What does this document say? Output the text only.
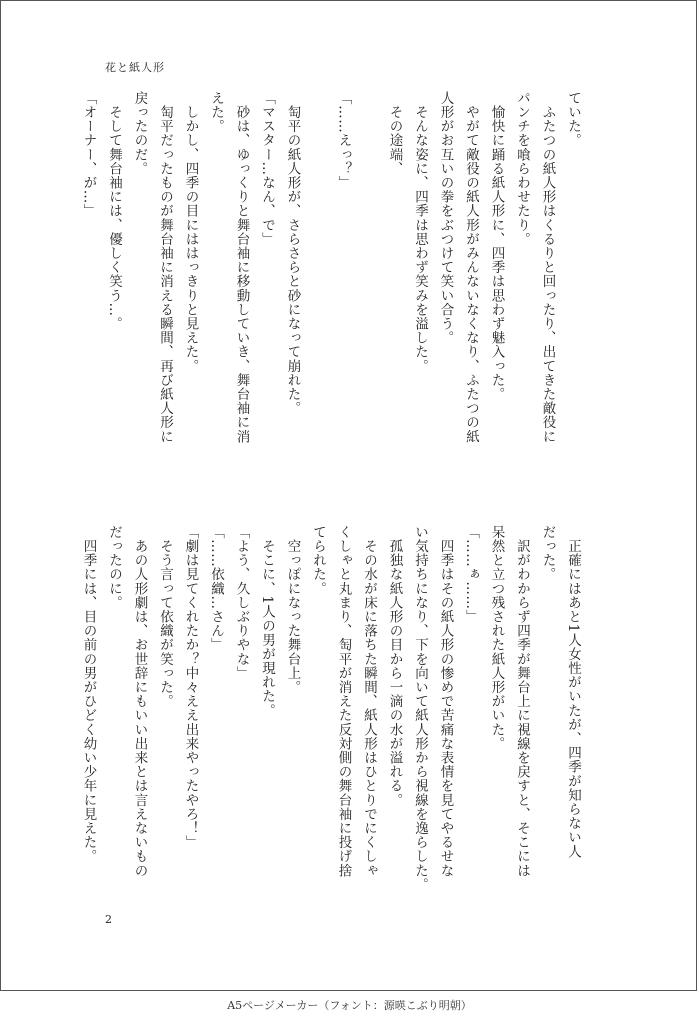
花と紙人形
ていた。
　ふたつの紙人形はくるりと回ったり、出てきた敵役に
パンチを喰らわせたり。
　愉快に踊る紙人形に、四季は思わず魅入った。
　やがて敵役の紙人形がみんないなくなり、ふたつの紙
人形がお互いの拳をぶつけて笑い合う。
　そんな姿に、四季は思わず笑みを溢した。
　その途端、
「……えっ？」
　匋平の紙人形が、さらさらと砂になって崩れた。
「マスター…なん、で」
　砂は、ゆっくりと舞台袖に移動していき、舞台袖に消
えた。
　しかし、四季の目にははっきりと見えた。
　匋平だったものが舞台袖に消える瞬間、再び紙人形に
戻ったのだ。
　そして舞台袖には、優しく笑う…。
「オーナー、が…」
　正確にはあと1人女性がいたが、四季が知らない人
だった。
　訳がわからず四季が舞台上に視線を戻すと、そこには
呆然と立つ残された紙人形がいた。
「……ぁ……」
　四季はその紙人形の惨めで苦痛な表情を見てやるせな
い気持ちになり、下を向いて紙人形から視線を逸らした。
　孤独な紙人形の目から一滴の水が溢れる。
　その水が床に落ちた瞬間、紙人形はひとりでにくしゃ
くしゃと丸まり、匋平が消えた反対側の舞台袖に投げ捨
てられた。
　空っぽになった舞台上。
　そこに、1人の男が現れた。
「よう、久しぶりやな」
「……依織…さん」
「劇は見てくれたか？中々ええ出来やったやろ！」
　そう言って依織が笑った。
　あの人形劇は、お世辞にもいい出来とは言えないもの
だったのに。
　四季には、目の前の男がひどく幼い少年に見えた。
2
A5ページメーカー（フォント：源暎こぶり明朝）
